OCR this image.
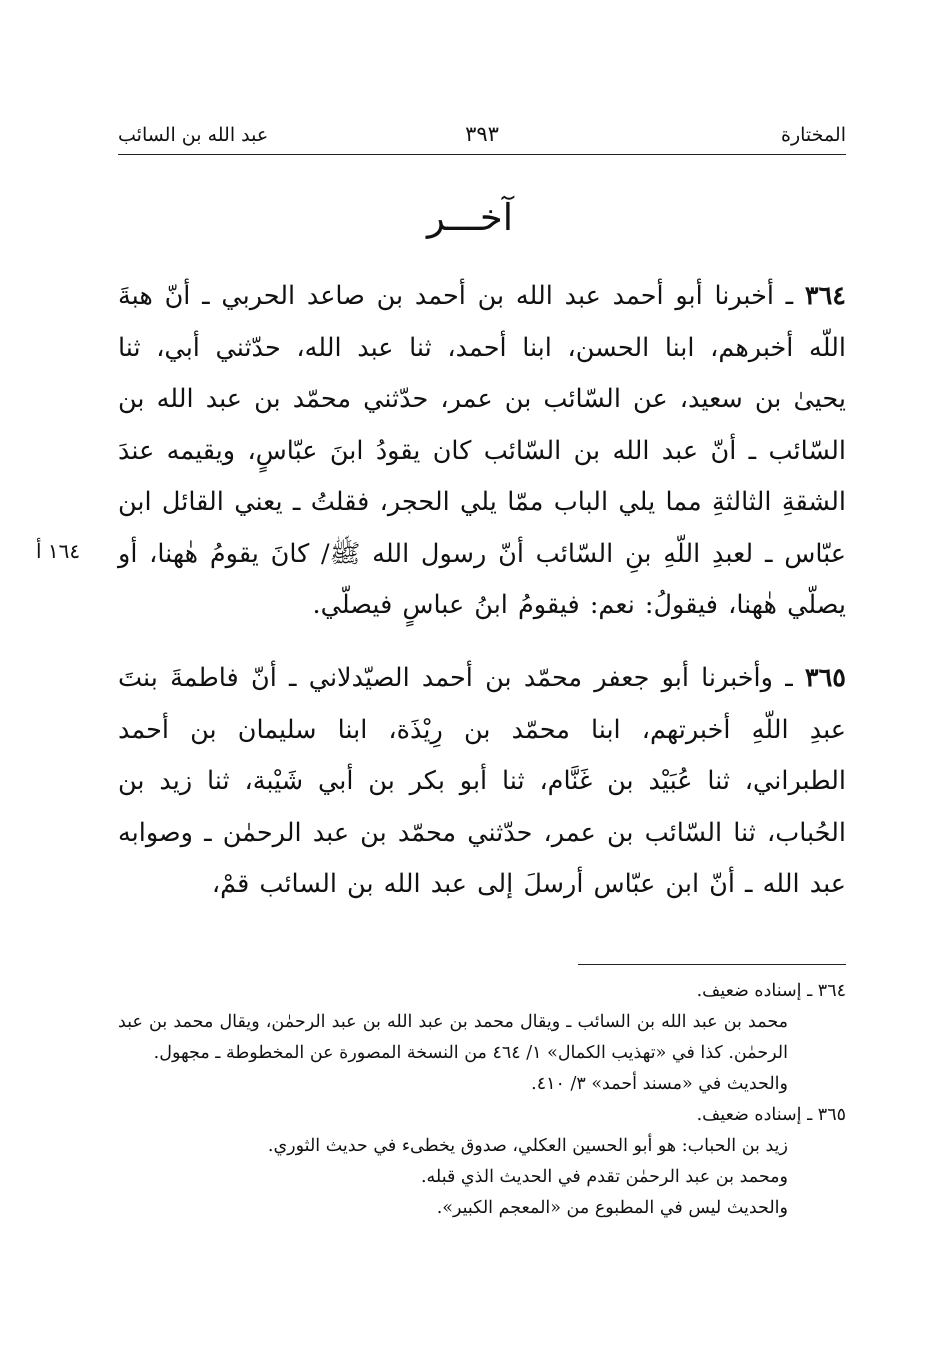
المختارة
٣٩٣
عبد الله بن السائب
آخـــر
٣٦٤ ـ أخبرنا أبو أحمد عبد الله بن أحمد بن صاعد الحربي ـ أنّ هبةَ اللّه أخبرهم، ابنا الحسن، ابنا أحمد، ثنا عبد الله، حدّثني أبي، ثنا يحيىٰ بن سعيد، عن السّائب بن عمر، حدّثني محمّد بن عبد الله بن السّائب ـ أنّ عبد الله بن السّائب كان يقودُ ابنَ عبّاسٍ، ويقيمه عندَ الشقةِ الثالثةِ مما يلي الباب ممّا يلي الحجر، فقلتُ ـ يعني القائل ابن عبّاس ـ لعبدِ اللّهِ بنِ السّائب أنّ رسول الله ﷺ/ كانَ يقومُ هٰهنا، أو يصلّي هٰهنا، فيقولُ: نعم: فيقومُ ابنُ عباسٍ فيصلّي.
١٦٤ أ
٣٦٥ ـ وأخبرنا أبو جعفر محمّد بن أحمد الصيّدلاني ـ أنّ فاطمةَ بنتَ عبدِ اللّهِ أخبرتهم، ابنا محمّد بن رِيْذَة، ابنا سليمان بن أحمد الطبراني، ثنا عُبَيْد بن غَنَّام، ثنا أبو بكر بن أبي شَيْبة، ثنا زيد بن الحُباب، ثنا السّائب بن عمر، حدّثني محمّد بن عبد الرحمٰن ـ وصوابه عبد الله ـ أنّ ابن عبّاس أرسلَ إلى عبد الله بن السائب قمْ،
٣٦٤ ـ إسناده ضعيف.
محمد بن عبد الله بن السائب ـ ويقال محمد بن عبد الله بن عبد الرحمٰن، ويقال محمد بن عبد الرحمٰن. كذا في «تهذيب الكمال» ١/ ٤٦٤ من النسخة المصورة عن المخطوطة ـ مجهول.
والحديث في «مسند أحمد» ٣/ ٤١٠.
٣٦٥ ـ إسناده ضعيف.
زيد بن الحباب: هو أبو الحسين العكلي، صدوق يخطىء في حديث الثوري.
ومحمد بن عبد الرحمٰن تقدم في الحديث الذي قبله.
والحديث ليس في المطبوع من «المعجم الكبير».
